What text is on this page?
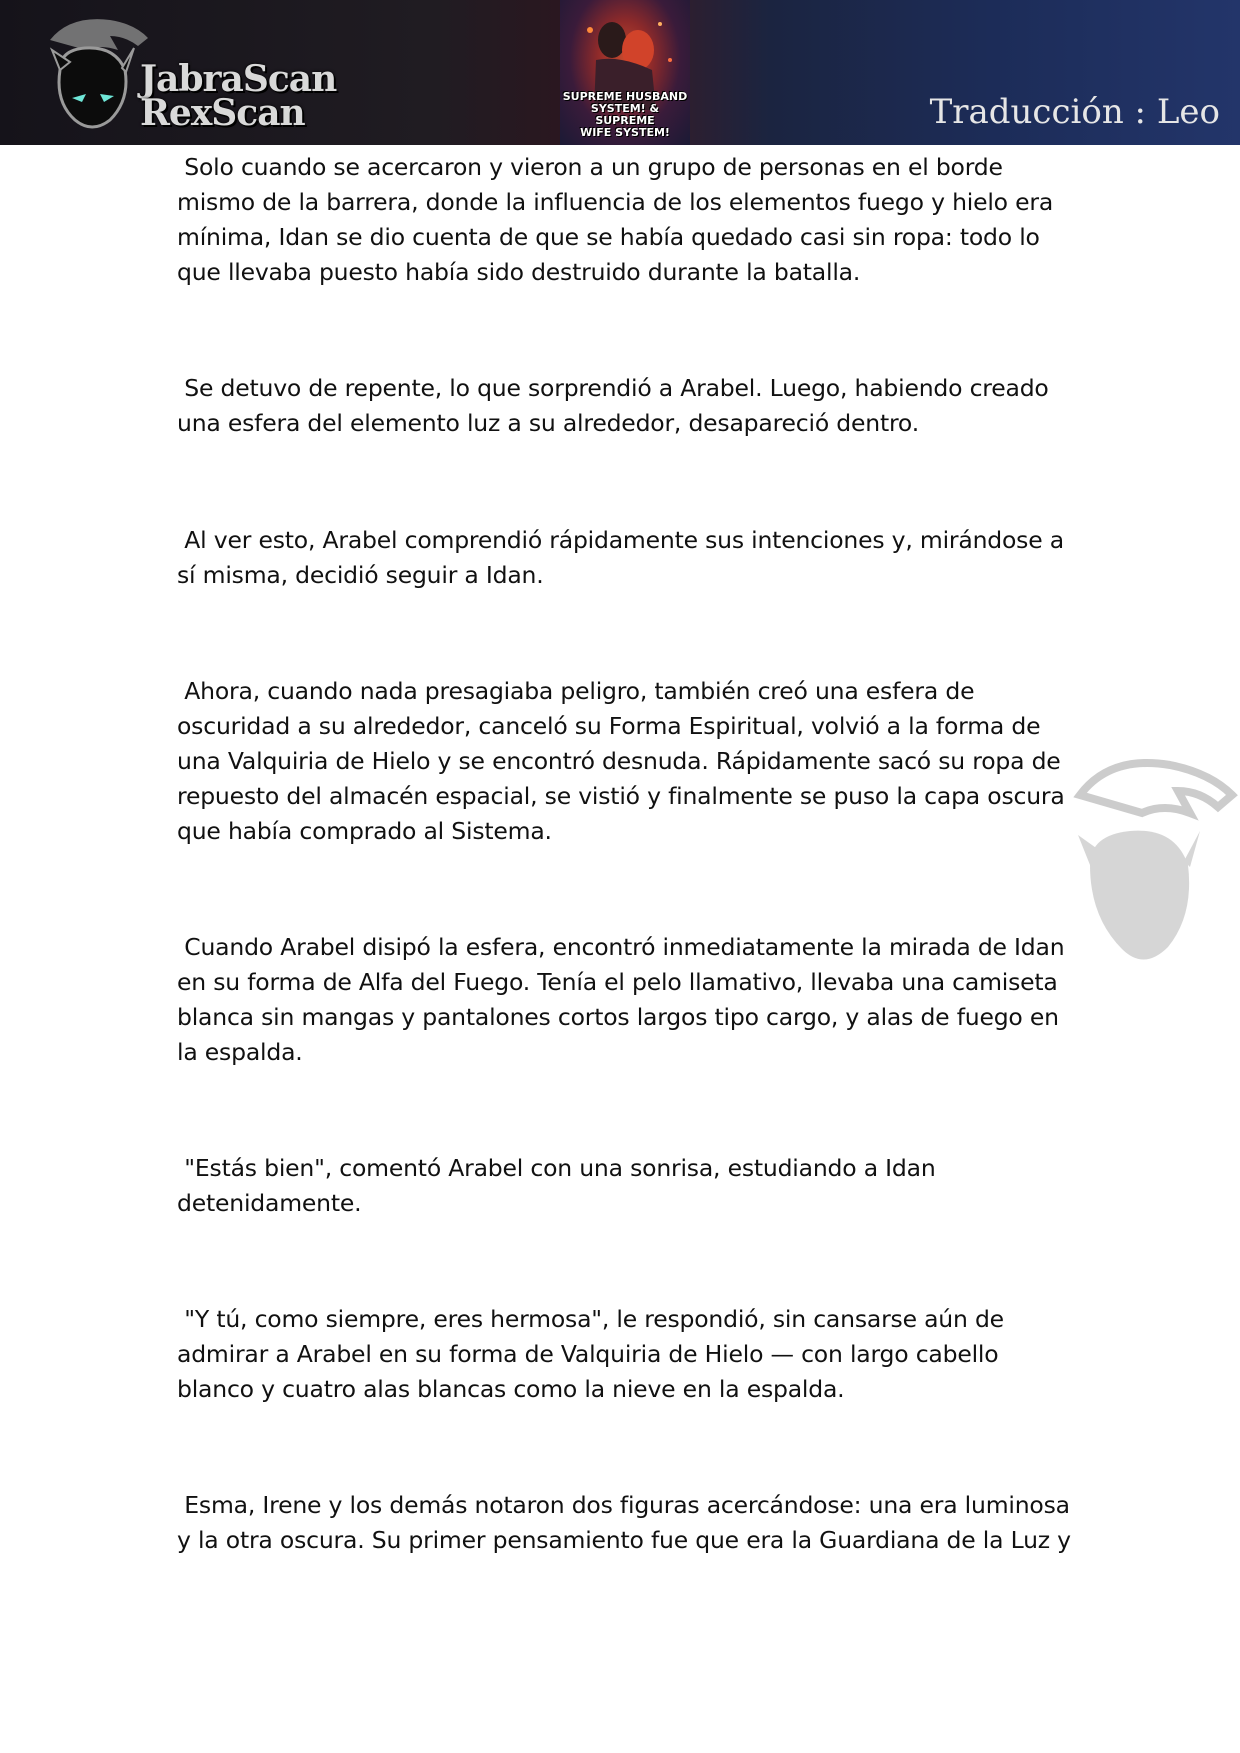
JabraScan
RexScan	SUPREME HUSBAND
SYSTEM! & SUPREME
WIFE SYSTEM!
Traducción : Leo

Solo cuando se acercaron y vieron a un grupo de personas en el borde
mismo de la barrera, donde la influencia de los elementos fuego y hielo era
mínima, Idan se dio cuenta de que se había quedado casi sin ropa: todo lo
que llevaba puesto había sido destruido durante la batalla.

Se detuvo de repente, lo que sorprendió a Arabel. Luego, habiendo creado
una esfera del elemento luz a su alrededor, desapareció dentro.

Al ver esto, Arabel comprendió rápidamente sus intenciones y, mirándose a
sí misma, decidió seguir a Idan.

Ahora, cuando nada presagiaba peligro, también creó una esfera de
oscuridad a su alrededor, canceló su Forma Espiritual, volvió a la forma de
una Valquiria de Hielo y se encontró desnuda. Rápidamente sacó su ropa de
repuesto del almacén espacial, se vistió y finalmente se puso la capa oscura
que había comprado al Sistema.

Cuando Arabel disipó la esfera, encontró inmediatamente la mirada de Idan
en su forma de Alfa del Fuego. Tenía el pelo llamativo, llevaba una camiseta
blanca sin mangas y pantalones cortos largos tipo cargo, y alas de fuego en
la espalda.

"Estás bien", comentó Arabel con una sonrisa, estudiando a Idan
detenidamente.

"Y tú, como siempre, eres hermosa", le respondió, sin cansarse aún de
admirar a Arabel en su forma de Valquiria de Hielo — con largo cabello
blanco y cuatro alas blancas como la nieve en la espalda.

Esma, Irene y los demás notaron dos figuras acercándose: una era luminosa
y la otra oscura. Su primer pensamiento fue que era la Guardiana de la Luz y
